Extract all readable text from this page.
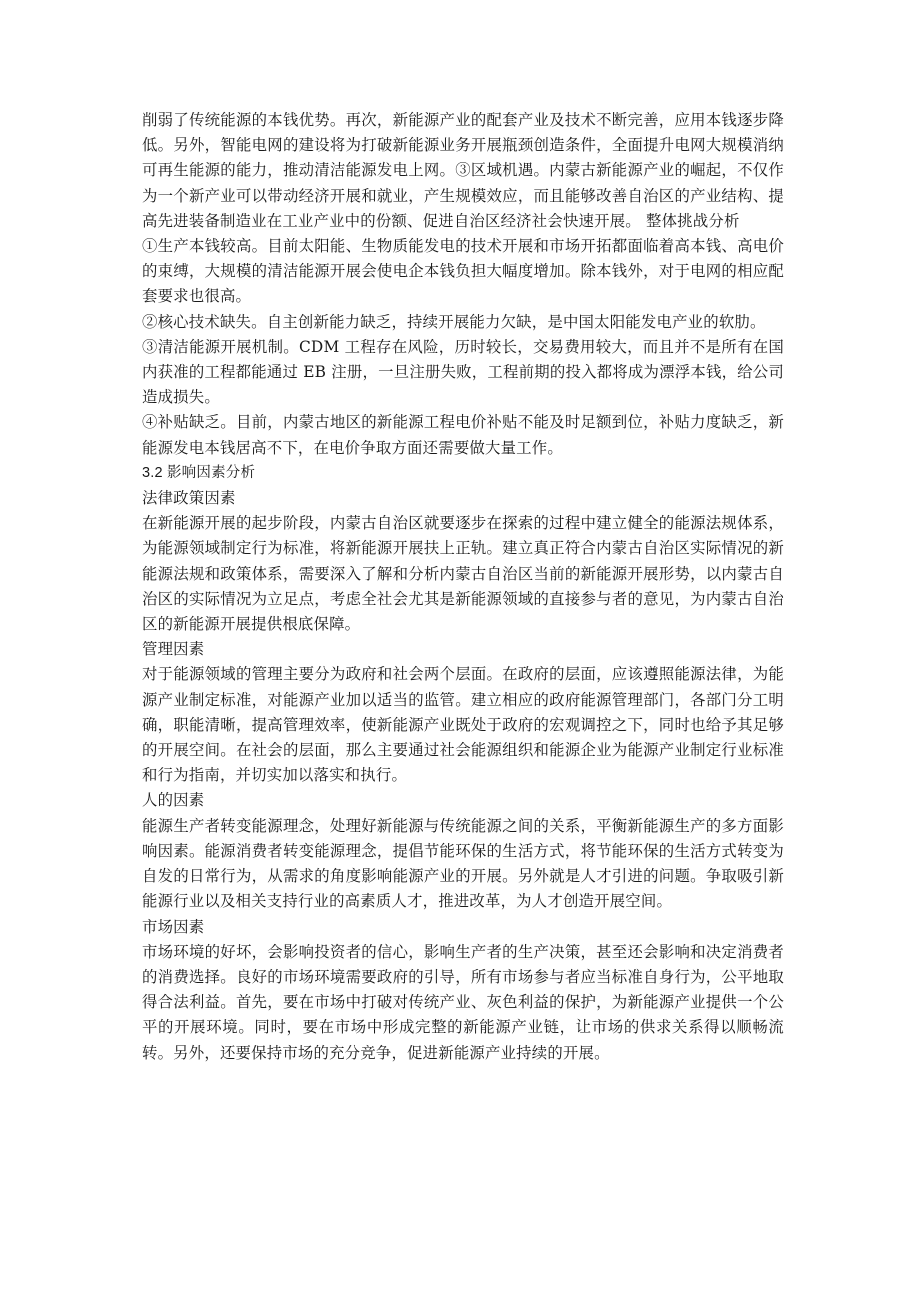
削弱了传统能源的本钱优势。再次，新能源产业的配套产业及技术不断完善，应用本钱逐步降低。另外，智能电网的建设将为打破新能源业务开展瓶颈创造条件，全面提升电网大规模消纳可再生能源的能力，推动清洁能源发电上网。③区域机遇。内蒙古新能源产业的崛起，不仅作为一个新产业可以带动经济开展和就业，产生规模效应，而且能够改善自治区的产业结构、提高先进装备制造业在工业产业中的份额、促进自治区经济社会快速开展。 整体挑战分析

①生产本钱较高。目前太阳能、生物质能发电的技术开展和市场开拓都面临着高本钱、高电价的束缚，大规模的清洁能源开展会使电企本钱负担大幅度增加。除本钱外，对于电网的相应配套要求也很高。

②核心技术缺失。自主创新能力缺乏，持续开展能力欠缺，是中国太阳能发电产业的软肋。

③清洁能源开展机制。CDM 工程存在风险，历时较长，交易费用较大，而且并不是所有在国内获准的工程都能通过 EB 注册，一旦注册失败，工程前期的投入都将成为漂浮本钱，给公司造成损失。

④补贴缺乏。目前，内蒙古地区的新能源工程电价补贴不能及时足额到位，补贴力度缺乏，新能源发电本钱居高不下，在电价争取方面还需要做大量工作。

3.2 影响因素分析

法律政策因素

在新能源开展的起步阶段，内蒙古自治区就要逐步在探索的过程中建立健全的能源法规体系，为能源领域制定行为标准，将新能源开展扶上正轨。建立真正符合内蒙古自治区实际情况的新能源法规和政策体系，需要深入了解和分析内蒙古自治区当前的新能源开展形势，以内蒙古自治区的实际情况为立足点，考虑全社会尤其是新能源领域的直接参与者的意见，为内蒙古自治区的新能源开展提供根底保障。

管理因素

对于能源领域的管理主要分为政府和社会两个层面。在政府的层面，应该遵照能源法律，为能源产业制定标准，对能源产业加以适当的监管。建立相应的政府能源管理部门，各部门分工明确，职能清晰，提高管理效率，使新能源产业既处于政府的宏观调控之下，同时也给予其足够的开展空间。在社会的层面，那么主要通过社会能源组织和能源企业为能源产业制定行业标准和行为指南，并切实加以落实和执行。

人的因素

能源生产者转变能源理念，处理好新能源与传统能源之间的关系，平衡新能源生产的多方面影响因素。能源消费者转变能源理念，提倡节能环保的生活方式，将节能环保的生活方式转变为自发的日常行为，从需求的角度影响能源产业的开展。另外就是人才引进的问题。争取吸引新能源行业以及相关支持行业的高素质人才，推进改革，为人才创造开展空间。

市场因素

市场环境的好坏，会影响投资者的信心，影响生产者的生产决策，甚至还会影响和决定消费者的消费选择。良好的市场环境需要政府的引导，所有市场参与者应当标准自身行为，公平地取得合法利益。首先，要在市场中打破对传统产业、灰色利益的保护，为新能源产业提供一个公平的开展环境。同时，要在市场中形成完整的新能源产业链，让市场的供求关系得以顺畅流转。另外，还要保持市场的充分竞争，促进新能源产业持续的开展。
